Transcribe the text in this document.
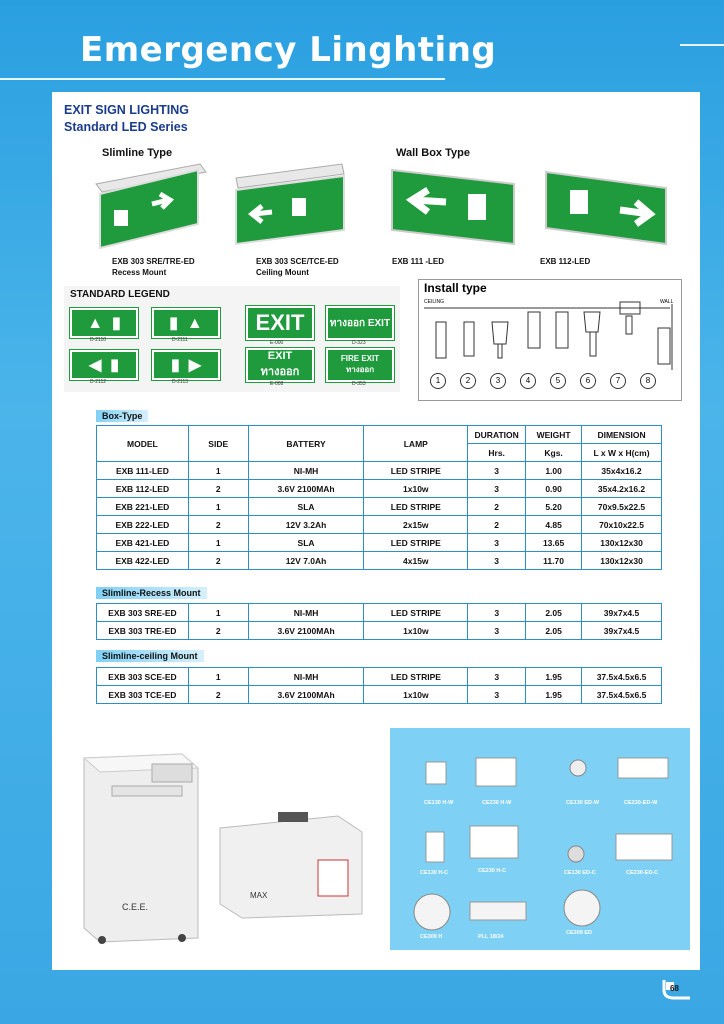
Emergency Linghting
EXIT SIGN LIGHTING
Standard LED Series
Slimline Type	Wall Box Type
EXB 303 SRE/TRE-ED
Recess Mount
EXB 303 SCE/TCE-ED
Ceiling Mount
EXB 111 -LED	EXB 112-LED
STANDARD LEGEND
▲  ▮
D-2110
▮  ▲
D-2111
◀  ▮
D-2112
▮  ▶
D-2113
EXIT
E-000
ทางออก EXIT
D-323
EXIT ทางออก
E-008
FIRE EXIT ทางออก
D-353
Install type
CEILING	WALL
1	2	3	4	5	6	7	8
Box-Type
MODEL	SIDE	BATTERY	LAMP	DURATION	WEIGHT	DIMENSION
				Hrs.	Kgs.	L x W x H(cm)
EXB 111-LED	1	NI-MH	LED STRIPE	3	1.00	35x4x16.2
EXB 112-LED	2	3.6V 2100MAh	1x10w	3	0.90	35x4.2x16.2
EXB 221-LED	1	SLA	LED STRIPE	2	5.20	70x9.5x22.5
EXB 222-LED	2	12V 3.2Ah	2x15w	2	4.85	70x10x22.5
EXB 421-LED	1	SLA	LED STRIPE	3	13.65	130x12x30
EXB 422-LED	2	12V 7.0Ah	4x15w	3	11.70	130x12x30
Slimline-Recess Mount
EXB 303 SRE-ED	1	NI-MH	LED STRIPE	3	2.05	39x7x4.5
EXB 303 TRE-ED	2	3.6V 2100MAh	1x10w	3	2.05	39x7x4.5
Slimline-ceiling Mount
EXB 303 SCE-ED	1	NI-MH	LED STRIPE	3	1.95	37.5x4.5x6.5
EXB 303 TCE-ED	2	3.6V 2100MAh	1x10w	3	1.95	37.5x4.5x6.5
C.E.E.
MAX
CE130 H-W	CE230 H-W	CE130 ED-W	CE230-ED-W
CE130 H-C	CE230 H-C	CE130 ED-C	CE230-ED-C
CE309 H	PLL 18/24
CE309 ED
68
